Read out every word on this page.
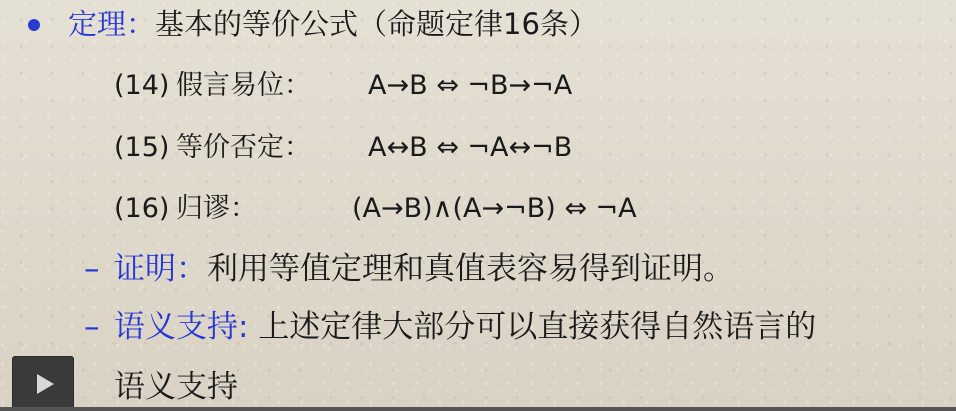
定理：基本的等价公式（命题定律16条）
(14) 假言易位： A→B ⇔ ¬B→¬A
(15) 等价否定： A↔B ⇔ ¬A↔¬B
(16) 归谬：	(A→B)∧(A→¬B) ⇔ ¬A
– 证明：利用等值定理和真值表容易得到证明。
– 语义支持: 上述定律大部分可以直接获得自然语言的
语义支持
